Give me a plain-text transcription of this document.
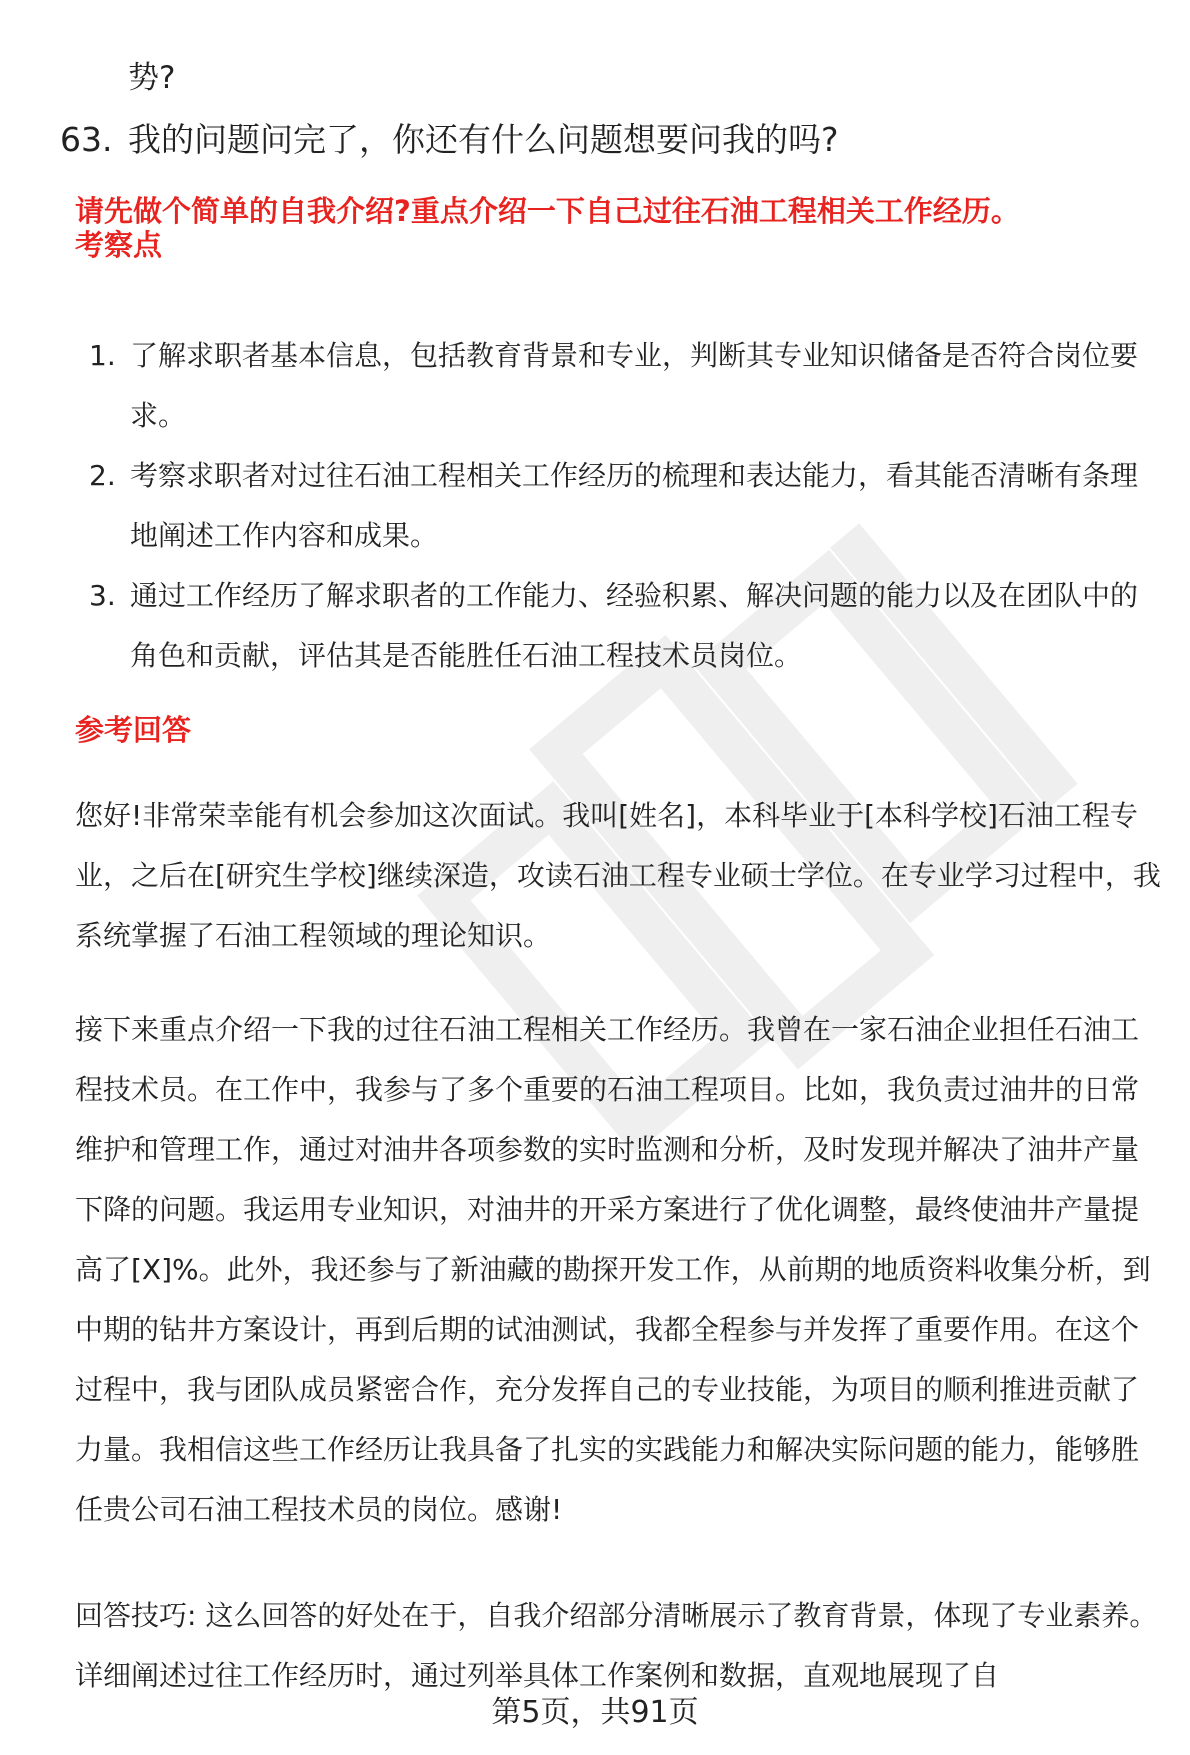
势?
63. 我的问题问完了，你还有什么问题想要问我的吗?
请先做个简单的自我介绍?重点介绍一下自己过往石油工程相关工作经历。
考察点
1. 了解求职者基本信息，包括教育背景和专业，判断其专业知识储备是否符合岗位要求。
2. 考察求职者对过往石油工程相关工作经历的梳理和表达能力，看其能否清晰有条理地阐述工作内容和成果。
3. 通过工作经历了解求职者的工作能力、经验积累、解决问题的能力以及在团队中的角色和贡献，评估其是否能胜任石油工程技术员岗位。
参考回答

您好!非常荣幸能有机会参加这次面试。我叫[姓名]，本科毕业于[本科学校]石油工程专业，之后在[研究生学校]继续深造，攻读石油工程专业硕士学位。在专业学习过程中，我系统掌握了石油工程领域的理论知识。

接下来重点介绍一下我的过往石油工程相关工作经历。我曾在一家石油企业担任石油工程技术员。在工作中，我参与了多个重要的石油工程项目。比如，我负责过油井的日常维护和管理工作，通过对油井各项参数的实时监测和分析，及时发现并解决了油井产量下降的问题。我运用专业知识，对油井的开采方案进行了优化调整，最终使油井产量提高了[X]%。此外，我还参与了新油藏的勘探开发工作，从前期的地质资料收集分析，到中期的钻井方案设计，再到后期的试油测试，我都全程参与并发挥了重要作用。在这个过程中，我与团队成员紧密合作，充分发挥自己的专业技能，为项目的顺利推进贡献了力量。我相信这些工作经历让我具备了扎实的实践能力和解决实际问题的能力，能够胜任贵公司石油工程技术员的岗位。感谢!

回答技巧: 这么回答的好处在于，自我介绍部分清晰展示了教育背景，体现了专业素养。详细阐述过往工作经历时，通过列举具体工作案例和数据，直观地展现了自

第5页，共91页
